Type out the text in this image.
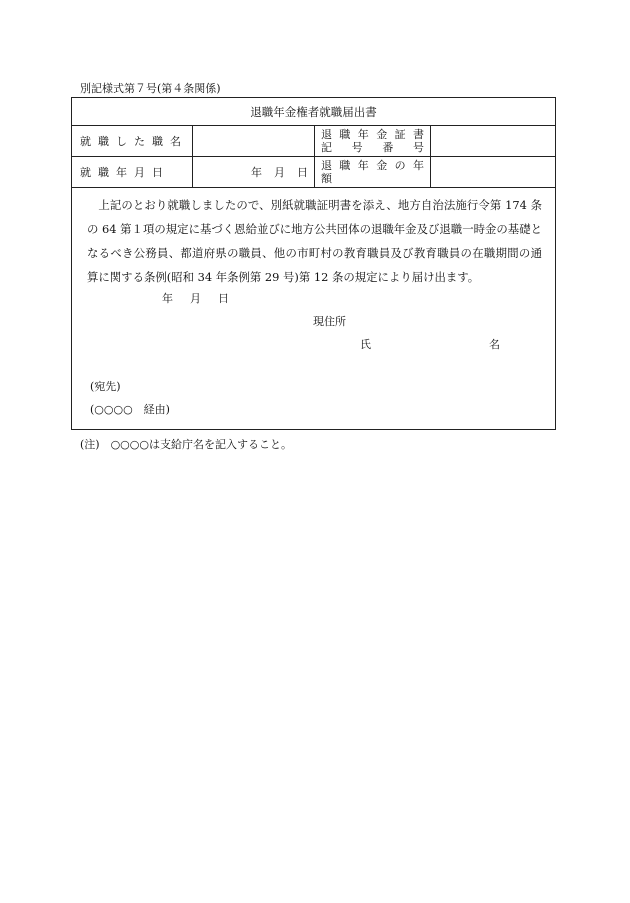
別記様式第７号(第４条関係)
退職年金権者就職届出書
就職した職名
退職年金証書
記号番号
就職年月日	年月日
退職年金の年
額

上記のとおり就職しましたので、別紙就職証明書を添え、地方自治法施行令第 174 条の 64 第１項の規定に基づく恩給並びに地方公共団体の退職年金及び退職一時金の基礎となるべき公務員、都道府県の職員、他の市町村の教育職員及び教育職員の在職期間の通算に関する条例(昭和 34 年条例第 29 号)第 12 条の規定により届け出ます。

年　月　日
現住所
氏	名
(宛先)
(○○○○　経由)
(注)　○○○○は支給庁名を記入すること。
